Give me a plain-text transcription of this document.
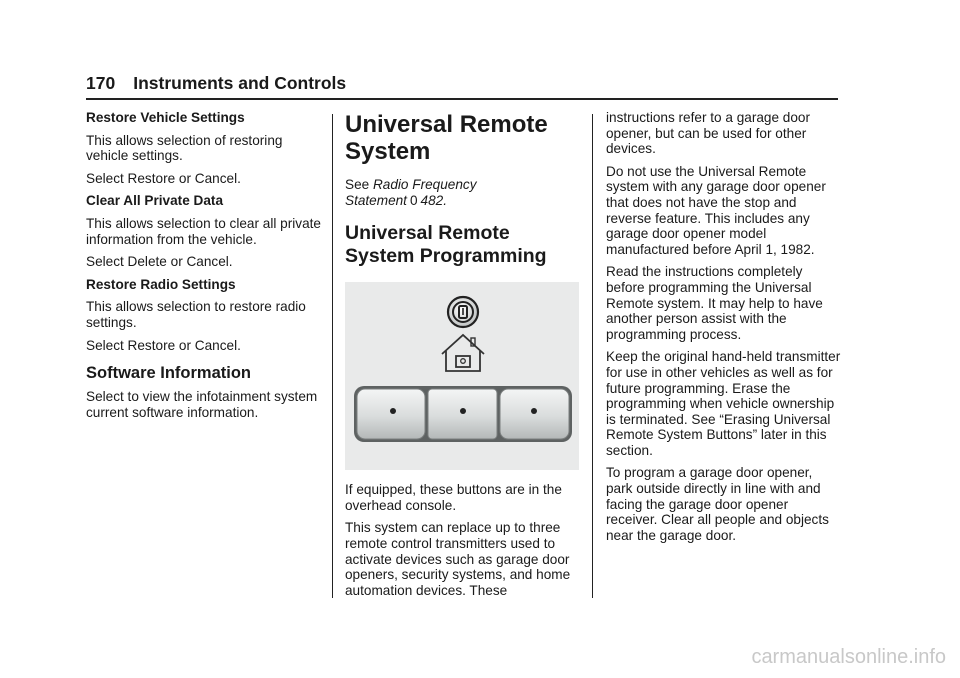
170 Instruments and Controls

Restore Vehicle Settings

This allows selection of restoring vehicle settings.

Select Restore or Cancel.

Clear All Private Data

This allows selection to clear all private information from the vehicle.

Select Delete or Cancel.

Restore Radio Settings

This allows selection to restore radio settings.

Select Restore or Cancel.

Software Information

Select to view the infotainment system current software information.

Universal Remote System

See Radio Frequency Statement 0 482.

Universal Remote System Programming

If equipped, these buttons are in the overhead console.

This system can replace up to three remote control transmitters used to activate devices such as garage door openers, security systems, and home automation devices. These

instructions refer to a garage door opener, but can be used for other devices.

Do not use the Universal Remote system with any garage door opener that does not have the stop and reverse feature. This includes any garage door opener model manufactured before April 1, 1982.

Read the instructions completely before programming the Universal Remote system. It may help to have another person assist with the programming process.

Keep the original hand-held transmitter for use in other vehicles as well as for future programming. Erase the programming when vehicle ownership is terminated. See “Erasing Universal Remote System Buttons” later in this section.

To program a garage door opener, park outside directly in line with and facing the garage door opener receiver. Clear all people and objects near the garage door.

carmanualsonline.info
